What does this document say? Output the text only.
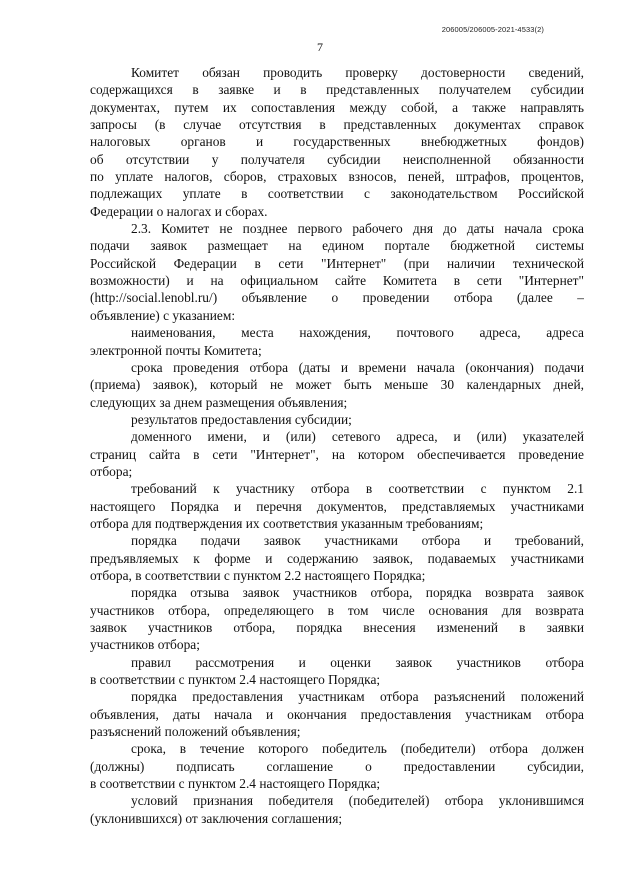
206005/206005-2021-4533(2)
7
Комитет обязан проводить проверку достоверности сведений,
содержащихся в заявке и в представленных получателем субсидии
документах, путем их сопоставления между собой, а также направлять
запросы (в случае отсутствия в представленных документах справок
налоговых органов и государственных внебюджетных фондов)
об отсутствии у получателя субсидии неисполненной обязанности
по уплате налогов, сборов, страховых взносов, пеней, штрафов, процентов,
подлежащих уплате в соответствии с законодательством Российской
Федерации о налогах и сборах.
2.3. Комитет не позднее первого рабочего дня до даты начала срока
подачи заявок размещает на едином портале бюджетной системы
Российской Федерации в сети "Интернет" (при наличии технической
возможности) и на официальном сайте Комитета в сети "Интернет"
(http://social.lenobl.ru/) объявление о проведении отбора (далее –
объявление) с указанием:
наименования, места нахождения, почтового адреса, адреса
электронной почты Комитета;
срока проведения отбора (даты и времени начала (окончания) подачи
(приема) заявок), который не может быть меньше 30 календарных дней,
следующих за днем размещения объявления;
результатов предоставления субсидии;
доменного имени, и (или) сетевого адреса, и (или) указателей
страниц сайта в сети "Интернет", на котором обеспечивается проведение
отбора;
требований к участнику отбора в соответствии с пунктом 2.1
настоящего Порядка и перечня документов, представляемых участниками
отбора для подтверждения их соответствия указанным требованиям;
порядка подачи заявок участниками отбора и требований,
предъявляемых к форме и содержанию заявок, подаваемых участниками
отбора, в соответствии с пунктом 2.2 настоящего Порядка;
порядка отзыва заявок участников отбора, порядка возврата заявок
участников отбора, определяющего в том числе основания для возврата
заявок участников отбора, порядка внесения изменений в заявки
участников отбора;
правил рассмотрения и оценки заявок участников отбора
в соответствии с пунктом 2.4 настоящего Порядка;
порядка предоставления участникам отбора разъяснений положений
объявления, даты начала и окончания предоставления участникам отбора
разъяснений положений объявления;
срока, в течение которого победитель (победители) отбора должен
(должны) подписать соглашение о предоставлении субсидии,
в соответствии с пунктом 2.4 настоящего Порядка;
условий признания победителя (победителей) отбора уклонившимся
(уклонившихся) от заключения соглашения;
